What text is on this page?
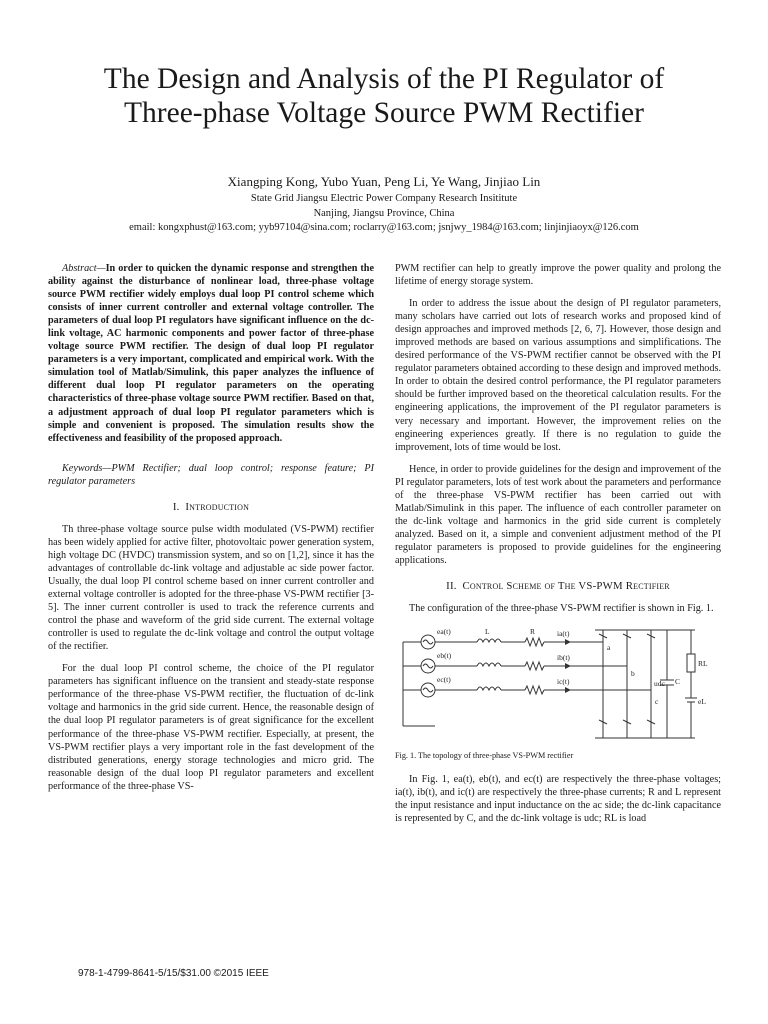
The Design and Analysis of the PI Regulator of
Three-phase Voltage Source PWM Rectifier
Xiangping Kong, Yubo Yuan, Peng Li, Ye Wang, Jinjiao Lin
State Grid Jiangsu Electric Power Company Research Insititute
Nanjing, Jiangsu Province, China
email: kongxphust@163.com; yyb97104@sina.com; roclarry@163.com; jsnjwy_1984@163.com; linjinjiaoyx@126.com

Abstract—In order to quicken the dynamic response and strengthen the ability against the disturbance of nonlinear load, three-phase voltage source PWM rectifier widely employs dual loop PI control scheme which consists of inner current controller and external voltage controller. The parameters of dual loop PI regulators have significant influence on the dc-link voltage, AC harmonic components and power factor of three-phase voltage source PWM rectifier. The design of dual loop PI regulator parameters is a very important, complicated and empirical work. With the simulation tool of Matlab/Simulink, this paper analyzes the influence of different dual loop PI regulator parameters on the operating characteristics of three-phase voltage source PWM rectifier. Based on that, a adjustment approach of dual loop PI regulator parameters which is simple and convenient is proposed. The simulation results show the effectiveness and feasibility of the proposed approach.

Keywords—PWM Rectifier; dual loop control; response feature; PI regulator parameters

I. Introduction

Th three-phase voltage source pulse width modulated (VS-PWM) rectifier has been widely applied for active filter, photovoltaic power generation system, high voltage DC (HVDC) transmission system, and so on [1,2], since it has the advantages of controllable dc-link voltage and adjustable ac side power factor. Usually, the dual loop PI control scheme based on inner current controller and external voltage controller is adopted for the three-phase VS-PWM rectifier [3-5]. The inner current controller is used to track the reference currents and control the phase and waveform of the grid side current. The external voltage controller is used to regulate the dc-link voltage and control the output voltage of the rectifier.

For the dual loop PI control scheme, the choice of the PI regulator parameters has significant influence on the transient and steady-state response performance of the three-phase VS-PWM rectifier, the fluctuation of dc-link voltage and harmonics in the grid side current. Hence, the reasonable design of the dual loop PI regulator parameters is of great significance for the excellent performance of the three-phase VS-PWM rectifier. Especially, at present, the VS-PWM rectifier plays a very important role in the fast development of the distributed generations, energy storage technologies and micro grid. The reasonable design of the dual loop PI regulator parameters and excellent performance of the three-phase VS-

PWM rectifier can help to greatly improve the power quality and prolong the lifetime of energy storage system.

In order to address the issue about the design of PI regulator parameters, many scholars have carried out lots of research works and proposed kind of design approaches and improved methods [2, 6, 7]. However, those design and improved methods are based on various assumptions and simplifications. The desired performance of the VS-PWM rectifier cannot be observed with the PI regulator parameters obtained according to these design and improved methods. In order to obtain the desired control performance, the PI regulator parameters should be further improved based on the theoretical calculation results. For the engineering applications, the improvement of the PI regulator parameters is very necessary and important. However, the improvement relies on the engineering experiences greatly. If there is no regulation to guide the improvement, lots of time would be lost.

Hence, in order to provide guidelines for the design and improvement of the PI regulator parameters, lots of test work about the parameters and performance of the three-phase VS-PWM rectifier has been carried out with Matlab/Simulink in this paper. The influence of each controller parameter on the dc-link voltage and harmonics in the grid side current is completely analyzed. Based on it, a simple and convenient adjustment method of the PI regulator parameters is proposed to provide guidelines for the engineering applications.

II. Control Scheme of The VS-PWM Rectifier

The configuration of the three-phase VS-PWM rectifier is shown in Fig. 1.

ea(t)
eb(t)
ec(t)
L	R	ia(t)
ib(t)
ic(t)
a
b
c
udc C
RL
eL

Fig. 1. The topology of three-phase VS-PWM rectifier

In Fig. 1, ea(t), eb(t), and ec(t) are respectively the three-phase voltages; ia(t), ib(t), and ic(t) are respectively the three-phase currents; R and L represent the input resistance and input inductance on the ac side; the dc-link capacitance is represented by C, and the dc-link voltage is udc; RL is load

978-1-4799-8641-5/15/$31.00 ©2015 IEEE
